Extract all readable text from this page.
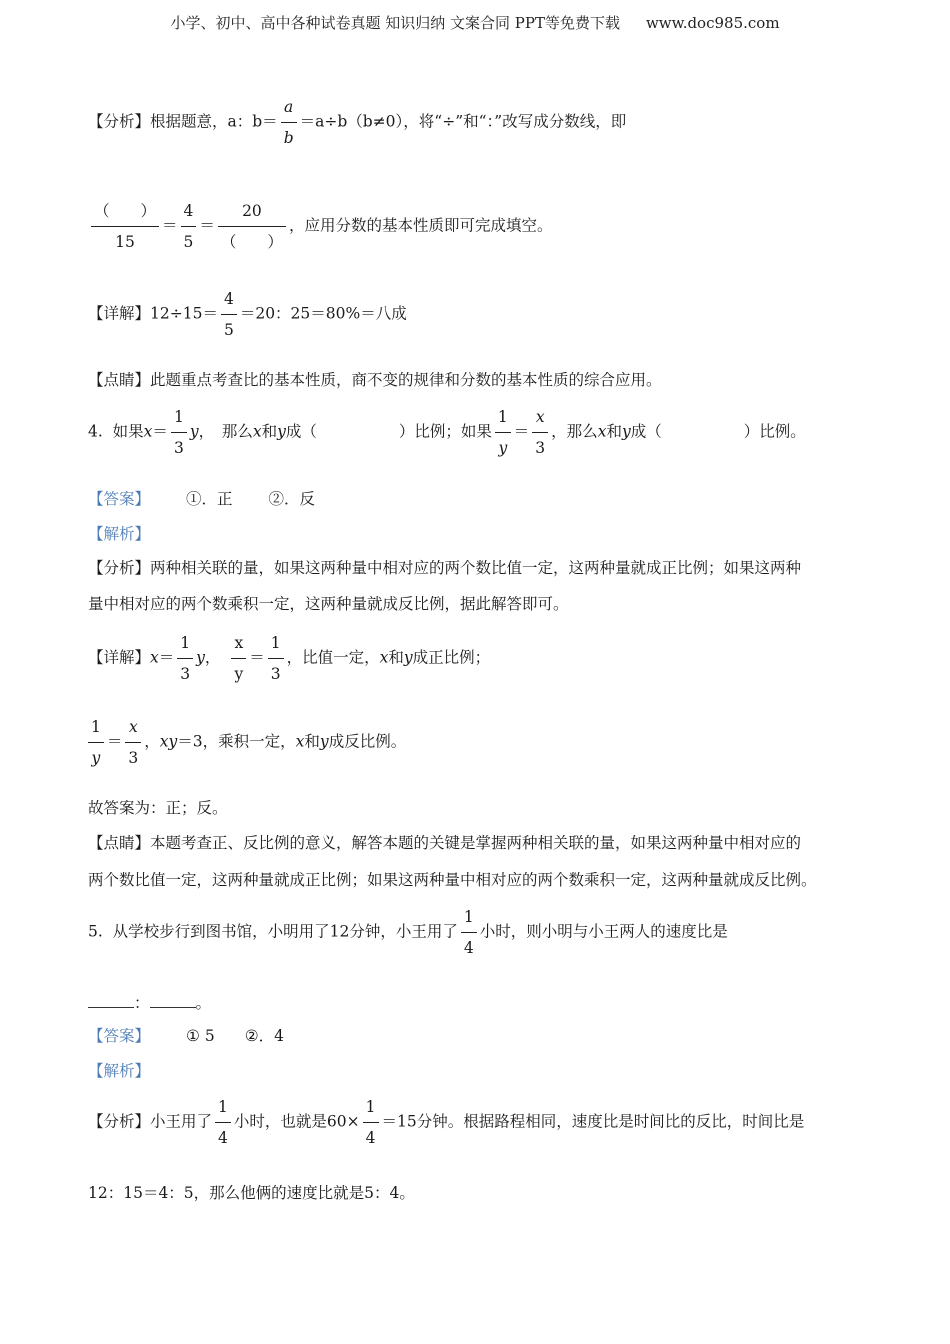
小学、初中、高中各种试卷真题 知识归纳 文案合同 PPT等免费下载 www.doc985.com
【分析】根据题意，a：$b= \frac{a}{b} =a\div b(b\ne 0)$，将“÷”和“：”改写成分数线，即
$\frac{( )}{15} = \frac{4}{5} = \frac{20}{( )}$ ，应用分数的基本性质即可完成填空。
【详解】$12\div 15= \frac{4}{5} =20$：25＝80%＝八成
【点睛】此题重点考查比的基本性质，商不变的规律和分数的基本性质的综合应用。
4. 如果$x= \frac{1}{3}$ y，　那么x和y成（	）比例；如果 $\frac{1}{y} = \frac{x}{3}$ ，那么x和y成（	）比例。
【答案】 ①．正 ②．反
【解析】
【分析】两种相关联的量，如果这两种量中相对应的两个数比值一定，这两种量就成正比例；如果这两种
量中相对应的两个数乘积一定，这两种量就成反比例，据此解答即可。
【详解】$x= \frac{1}{3}$ y， $\frac{x}{y} = \frac{1}{3}$ ，比值一定，x和y成正比例；
$\frac{1}{y} = \frac{x}{3}$ ，xy＝3，乘积一定，x和y成反比例。
故答案为：正；反。
【点睛】本题考查正、反比例的意义，解答本题的关键是掌握两种相关联的量，如果这两种量中相对应的
两个数比值一定，这两种量就成正比例；如果这两种量中相对应的两个数乘积一定，这两种量就成反比例。
5. 从学校步行到图书馆，小明用了12分钟，小王用了 $\frac{1}{4}$ 小时，则小明与小王两人的速度比是
：	。
【答案】 ① 5 ②．4
【解析】
【分析】小王用了 $\frac{1}{4}$ 小时，也就是$60\times \frac{1}{4} =15$分钟。根据路程相同，速度比是时间比的反比，时间比是
12：15＝4：5，那么他俩的速度比就是5：4。
